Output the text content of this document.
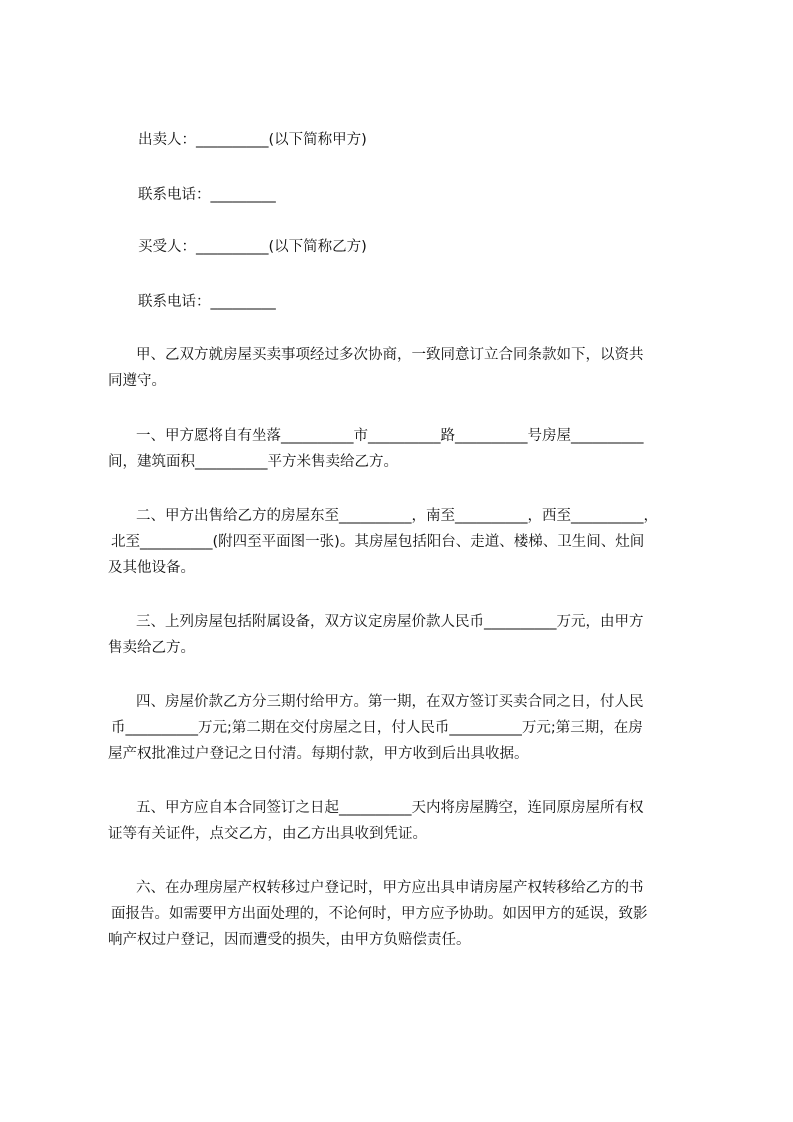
出卖人：__________(以下简称甲方)
联系电话：_________
买受人：__________(以下简称乙方)
联系电话：_________
甲、乙双方就房屋买卖事项经过多次协商，一致同意订立合同条款如下，以资共
同遵守。
一、甲方愿将自有坐落__________市__________路__________号房屋__________
间，建筑面积__________平方米售卖给乙方。
二、甲方出售给乙方的房屋东至__________，南至__________，西至__________，
北至__________(附四至平面图一张)。其房屋包括阳台、走道、楼梯、卫生间、灶间
及其他设备。
三、上列房屋包括附属设备，双方议定房屋价款人民币__________万元，由甲方
售卖给乙方。
四、房屋价款乙方分三期付给甲方。第一期，在双方签订买卖合同之日，付人民
币__________万元;第二期在交付房屋之日，付人民币__________万元;第三期，在房
屋产权批准过户登记之日付清。每期付款，甲方收到后出具收据。
五、甲方应自本合同签订之日起__________天内将房屋腾空，连同原房屋所有权
证等有关证件，点交乙方，由乙方出具收到凭证。
六、在办理房屋产权转移过户登记时，甲方应出具申请房屋产权转移给乙方的书
面报告。如需要甲方出面处理的，不论何时，甲方应予协助。如因甲方的延误，致影
响产权过户登记，因而遭受的损失，由甲方负赔偿责任。
